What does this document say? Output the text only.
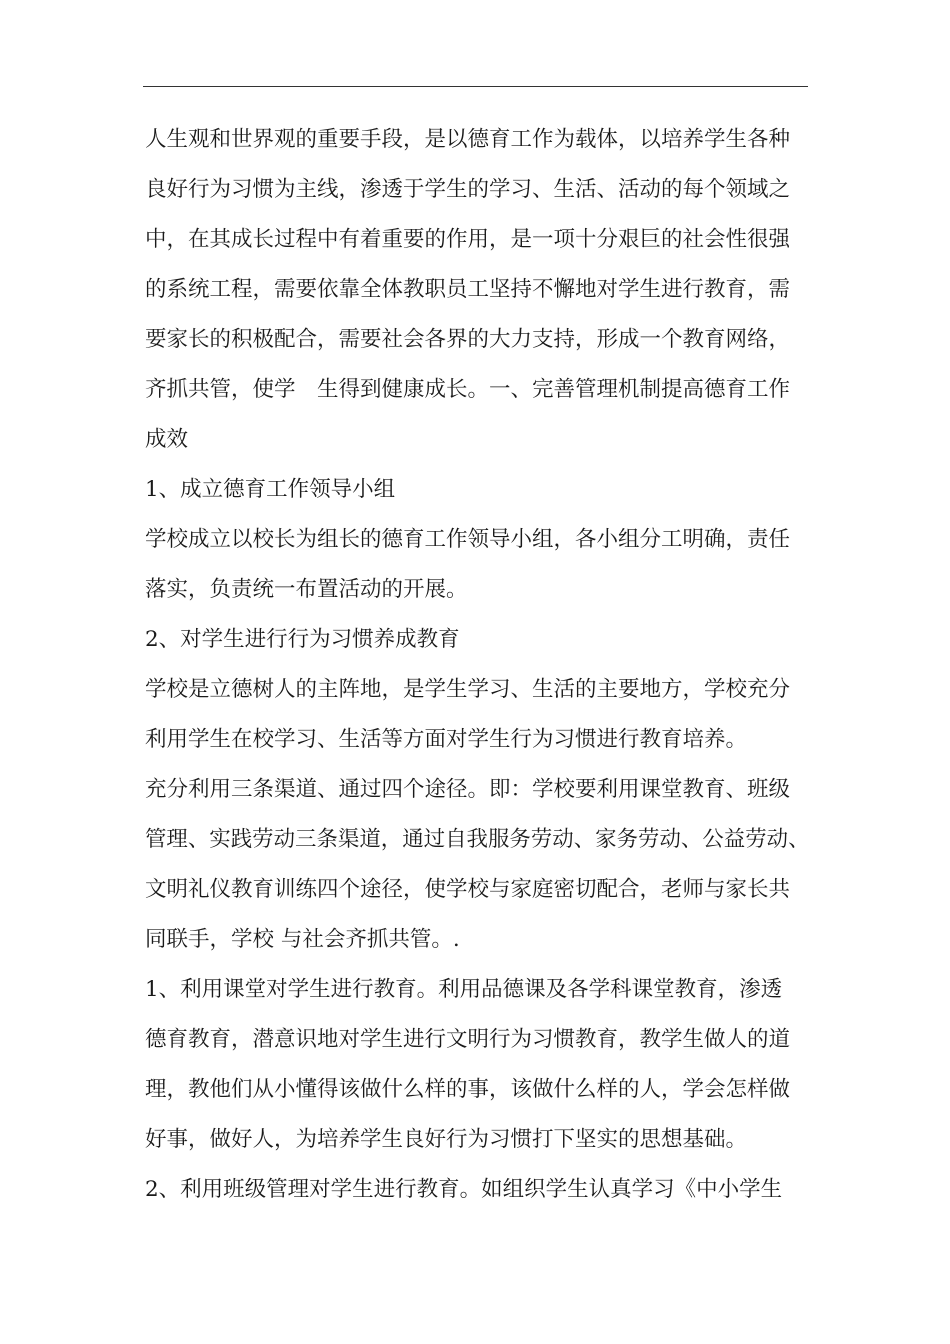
人生观和世界观的重要手段，是以德育工作为载体，以培养学生各种
良好行为习惯为主线，渗透于学生的学习、生活、活动的每个领域之
中，在其成长过程中有着重要的作用，是一项十分艰巨的社会性很强
的系统工程，需要依靠全体教职员工坚持不懈地对学生进行教育，需
要家长的积极配合，需要社会各界的大力支持，形成一个教育网络，
齐抓共管，使学　生得到健康成长。一、完善管理机制提高德育工作
成效
1、成立德育工作领导小组
学校成立以校长为组长的德育工作领导小组，各小组分工明确，责任
落实，负责统一布置活动的开展。
2、对学生进行行为习惯养成教育
学校是立德树人的主阵地，是学生学习、生活的主要地方，学校充分
利用学生在校学习、生活等方面对学生行为习惯进行教育培养。
充分利用三条渠道、通过四个途径。即：学校要利用课堂教育、班级
管理、实践劳动三条渠道，通过自我服务劳动、家务劳动、公益劳动、
文明礼仪教育训练四个途径，使学校与家庭密切配合，老师与家长共
同联手，学校 与社会齐抓共管。.
1、利用课堂对学生进行教育。利用品德课及各学科课堂教育，渗透
德育教育，潜意识地对学生进行文明行为习惯教育，教学生做人的道
理，教他们从小懂得该做什么样的事，该做什么样的人，学会怎样做
好事，做好人，为培养学生良好行为习惯打下坚实的思想基础。
2、利用班级管理对学生进行教育。如组织学生认真学习《中小学生
